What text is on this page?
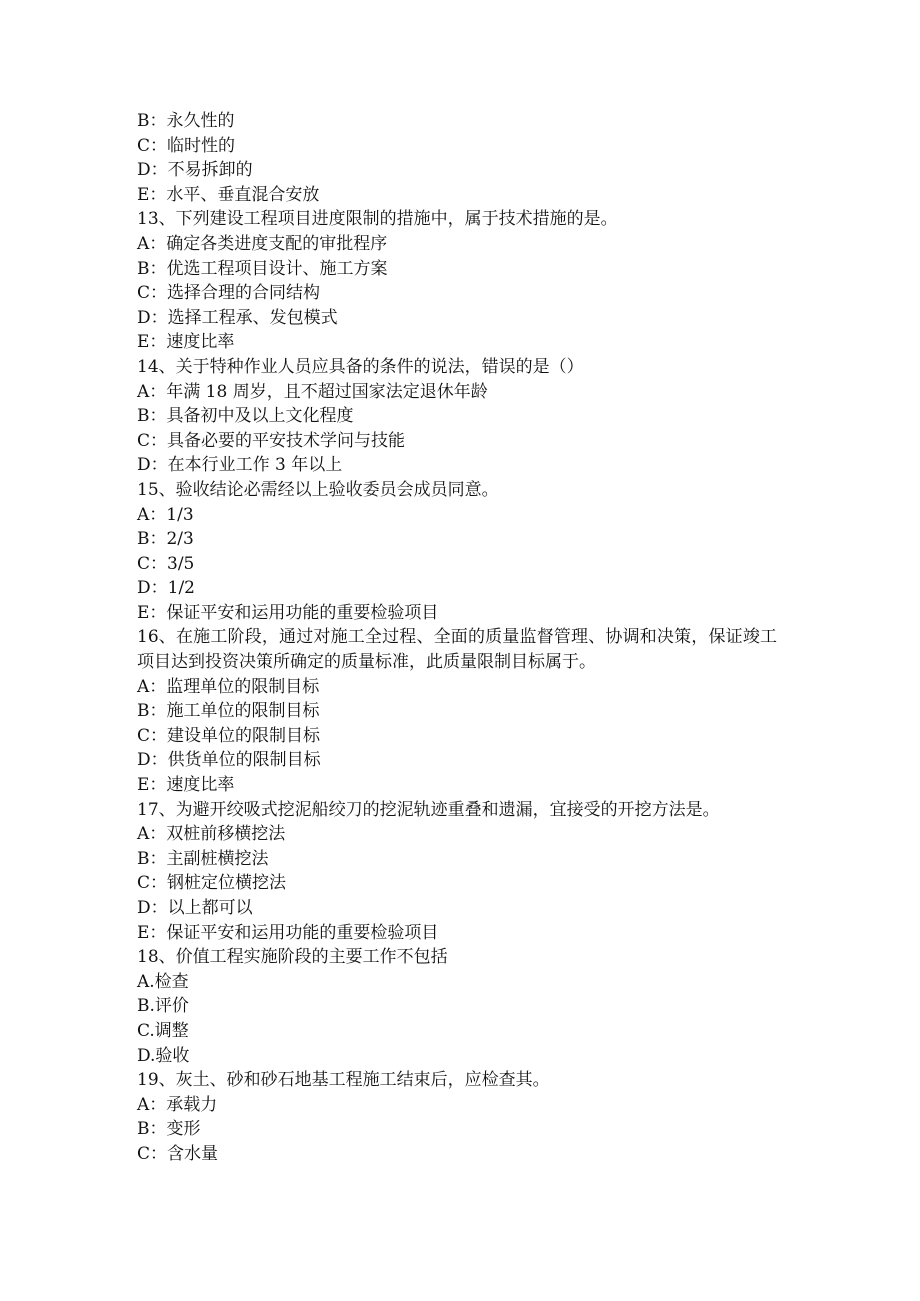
B：永久性的

C：临时性的

D：不易拆卸的

E：水平、垂直混合安放

13、下列建设工程项目进度限制的措施中，属于技术措施的是。

A：确定各类进度支配的审批程序

B：优选工程项目设计、施工方案

C：选择合理的合同结构

D：选择工程承、发包模式

E：速度比率

14、关于特种作业人员应具备的条件的说法，错误的是（）

A：年满 18 周岁，且不超过国家法定退休年龄

B：具备初中及以上文化程度

C：具备必要的平安技术学问与技能

D：在本行业工作 3 年以上

15、验收结论必需经以上验收委员会成员同意。

A：1/3

B：2/3

C：3/5

D：1/2

E：保证平安和运用功能的重要检验项目

16、在施工阶段，通过对施工全过程、全面的质量监督管理、协调和决策，保证竣工项目达到投资决策所确定的质量标准，此质量限制目标属于。

A：监理单位的限制目标

B：施工单位的限制目标

C：建设单位的限制目标

D：供货单位的限制目标

E：速度比率

17、为避开绞吸式挖泥船绞刀的挖泥轨迹重叠和遗漏，宜接受的开挖方法是。

A：双桩前移横挖法

B：主副桩横挖法

C：钢桩定位横挖法

D：以上都可以

E：保证平安和运用功能的重要检验项目

18、价值工程实施阶段的主要工作不包括

A.检查

B.评价

C.调整

D.验收

19、灰土、砂和砂石地基工程施工结束后，应检查其。

A：承载力

B：变形

C：含水量
